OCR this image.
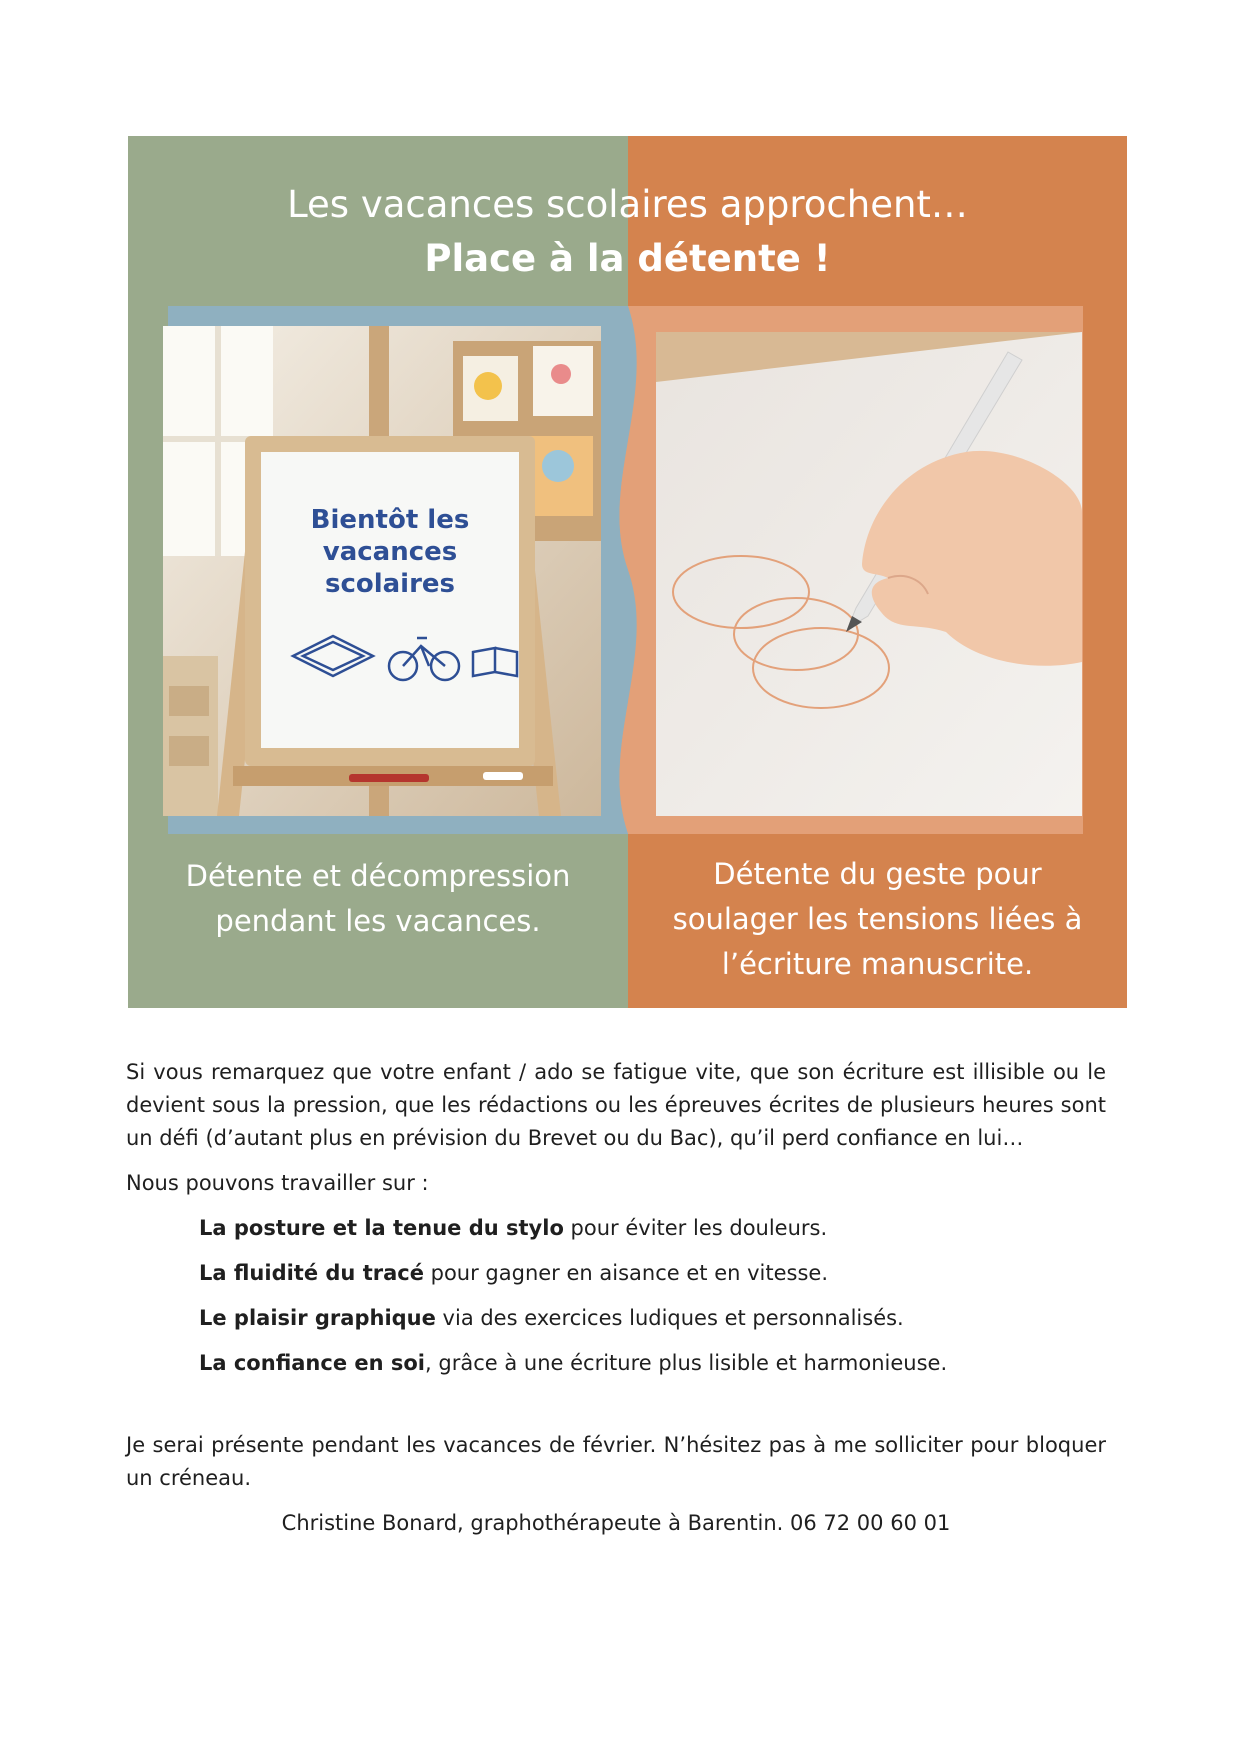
Les vacances scolaires approchent…
Place à la détente !
Bientôt les
vacances
scolaires
Détente et décompression
pendant les vacances.
Détente du geste pour
soulager les tensions liées à
l’écriture manuscrite.

Si vous remarquez que votre enfant / ado se fatigue vite, que son écriture est illisible ou le devient sous la pression, que les rédactions ou les épreuves écrites de plusieurs heures sont un défi (d’autant plus en prévision du Brevet ou du Bac), qu’il perd confiance en lui…

Nous pouvons travailler sur :

La posture et la tenue du stylo pour éviter les douleurs.

La fluidité du tracé pour gagner en aisance et en vitesse.

Le plaisir graphique via des exercices ludiques et personnalisés.

La confiance en soi, grâce à une écriture plus lisible et harmonieuse.

Je serai présente pendant les vacances de février. N’hésitez pas à me solliciter pour bloquer un créneau.

Christine Bonard, graphothérapeute à Barentin. 06 72 00 60 01
